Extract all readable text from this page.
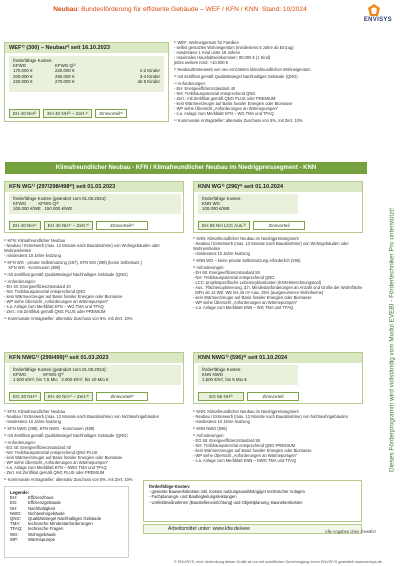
Neubau: Bundesförderung für effiziente Gebäude – WEF / KFN / KNN Stand: 10/2024
ENVISYS
Dieses Förderprogramm wird vollständig vom Modul EVEBI - Fördertechniker Pro unterstützt!
WEF¹⁾ (300) – Neubau²⁾ seit 16.10.2023
förderfähige Kosten:
KFWG	KFWG-Q³⁾
170.000 €	220.000 €	1-2 Kinder
200.000 €	250.000 €	3-4 Kinder
220.000 €	270.000 €	ab 5 Kinder
EH 40 NH³⁾	EH 40 NH³⁾ – Zert.⁴⁾	Zinsvorteil⁵⁾
¹⁾ WEF: Wohneigentum für Familien
- selbst genutztes Wohneigentum (mindestens 5 Jahre ab Einzug)
- mindestens 1 Kind unter 18 Jahren
- maximales Haushaltseinkommen: 90.000 € (1 Kind)
jedes weitere Kind: +10.000 €
²⁾ Neubau/Ersterwerb von neu errichteten klimafreundlichen Wohneigentum
³⁾ mit Zertifikat gemäß Qualitätssiegel Nachhaltiges Gebäude (QNG)
⁴⁾ Anforderungen:
- EH: Energieeffizienzstandard 40
- NH: Treibhauspotenzial entsprechend QNG
- Zert.: mit Zertifikat gemäß QNG PLUS oder PREMIUM
- kein Wärmeerzeuger auf Basis fossiler Energien oder Biomasse
- WP siehe Übersicht „Anforderungen an Wärmepumpen“
- s.a. Anlage zum Merkblatt KFN – WG TMA und TFAQ
⁵⁾ Kommunale Antragsteller: alternativ Zuschuss von 5%, mit Zert. 10%
Klimafreundlicher Neubau - KFN / Klimafreundlicher Neubau im Niedrigpreissegment - KNN
KFN WG¹⁾ (297/298/498²⁾) seit 01.03.2023
förderfähige Kosten (geändert zum 01.08.2024):
KFWG          KFWG-Q³⁾
100.000 €/WE   150.000 €/WE
EH 40 NH⁴⁾	EH 40 NH⁴⁾ – Zert.⁵⁾	Zinsvorteil⁶⁾
¹⁾ KFN: Klimafreundlicher Neubau
- Neubau / Ersterwerb (max. 12 Monate nach Bauabnahme) von Wohngebäuden oder Wohneinheiten
- mindestens 10 Jahre Nutzung
²⁾ KFN WG - private Selbstnutzung (297), KFN WG (298) (keine Selbstnutz.)
KFN WG - Kommunen (498)
³⁾ mit Zertifikat gemäß Qualitätssiegel Nachhaltiges Gebäude (QNG)
⁴⁾ Anforderungen:
- EH 40: Energieeffizienzstandard 40
- NH: Treibhauspotenzial entsprechend QNG
- kein Wärmeerzeuger auf Basis fossiler Energien oder Biomasse
- WP siehe Übersicht „Anforderungen an Wärmepumpen“
- s.a. Anlage zum Merkblatt KFN – WG TMA und TFAQ
- Zert.: mit Zertifikat gemäß QNG PLUS oder PREMIUM
⁵⁾ Kommunale Antragsteller: alternativ Zuschuss von 5%, mit Zert. 10%
KNN WG¹⁾ (296)²⁾ seit 01.10.2024
förderfähige Kosten:
KNN WG
100.000 €/WE
EH 55 NH LCC Aus.³⁾	Zinsvorteil
¹⁾ KNN: Klimafreundlicher Neubau im Niedrigpreissegment
- Neubau / Ersterwerb (max. 12 Monate nach Bauabnahme) von Wohngebäuden oder Wohneinheiten
- mindestens 10 Jahre Nutzung
²⁾ KNN WG – keine private Selbstnutzung erforderlich (296)
³⁾ Anforderungen:
- EH 55: Energieeffizienzstandard 55
- NH: Treibhauspotenzial entsprechend QNG
- LCC: projektspezifische Lebenszykluskosten (KNN-Berechnungstool)
- Aus.: Flächenoptimierung, d.h. Mindestanforderungen an Anzahl und Größe der Wohnfläche
MFH ab 12 WE: WE bis 40 m² max. 25% (ausgenommen Wohnheime)
- kein Wärmeerzeuger auf Basis fossiler Energien oder Biomasse
- WP siehe Übersicht „Anforderungen an Wärmepumpen“
- s.a. Anlage zum Merkblatt KNN – WG TMA und TFAQ
KFN NWG¹⁾ (299/499)²⁾ seit 01.03.2023
förderfähige Kosten (geändert zum 01.08.2024):
KFWG              KFWG-Q³⁾
1.500 €/m², bis 7,5 Mio   2.000 €/m², bis 10 Mio €
EG 40 NH⁴⁾	EH 40 NH⁴⁾ – Zert.⁵⁾	Zinsvorteil⁶⁾
¹⁾ KFN: Klimafreundlicher Neubau
- Neubau / Ersterwerb (max. 12 Monate nach Bauabnahme) von Nichtwohngebäuden
- mindestens 10 Jahre Nutzung
²⁾ KFN NWG (299), KFN NWG - Kommunen (499)
³⁾ mit Zertifikat gemäß Qualitätssiegel Nachhaltiges Gebäude (QNG)
⁴⁾ Anforderungen:
- EG 40: Energieeffizienzstandard 40
- NH: Treibhauspotenzial entsprechend QNG-PLUS
- kein Wärmeerzeuger auf Basis fossiler Energien oder Biomasse
- WP siehe Übersicht „Anforderungen an Wärmepumpen“
- s.a. Anlage zum Merkblatt KFN – NWG TMA und TFAQ
- Zert. mit Zertifikat gemäß QNG PLUS oder PREMIUM
⁵⁾ Kommunale Antragsteller: alternativ Zuschuss von 5%, mit Zert. 10%
KNN NWG¹⁾ (596)²⁾ seit 01.10.2024
förderfähige Kosten:
KNN NWG
1.500 €/m², bis 5 Mio €
EG 55 NH³⁾	Zinsvorteil
¹⁾ KNN: Klimafreundlicher Neubau im Niedrigpreissegment
- Neubau / Ersterwerb (max. 12 Monate nach Bauabnahme) von Nichtwohngebäuden
- mindestens 10 Jahre Nutzung
²⁾ KNN NWG (596)
³⁾ Anforderungen:
- EG 55: Energieeffizienzstandard 55
- NH: Treibhauspotenzial entsprechend QNG-PREMIUM
- kein Wärmeerzeuger auf Basis fossiler Energien oder Biomasse
- WP siehe Übersicht „Anforderungen an Wärmepumpen“
- s.a. Anlage zum Merkblatt KNN – NWG TMA und TFAQ
Legende:
EH:	Effizienzhaus
EG:	Effizienzgebäude
NH:	Nachhaltigkeit
NWG:	Nichtwohngebäude
QNG:	Qualitätssiegel Nachhaltiges Gebäude
TMA:	technische Mindestanforderungen
TFAQ:	technische Fragen
WG:	Wohngebäude
WP:	Wärmepumpe
förderfähige Kosten:
- gesamte Bauwerkskosten inkl. Kosten nutzungsunabhängiger technischer Anlagen
- Fachplanungs- und Baubegleitungsleistungen
- Umfeldmaßnahmen (Baustelleneinrichtung) und Objektplanung, Baunebenkosten
Arbeitsmittel unter: www.kfw.de/eee	Alle Angaben ohne Gewähr!
© ENVISYS, eine Verbreitung dieser Grafik ist nur mit schriftlicher Genehmigung durch ENVISYS gestattet! www.envisys.de
